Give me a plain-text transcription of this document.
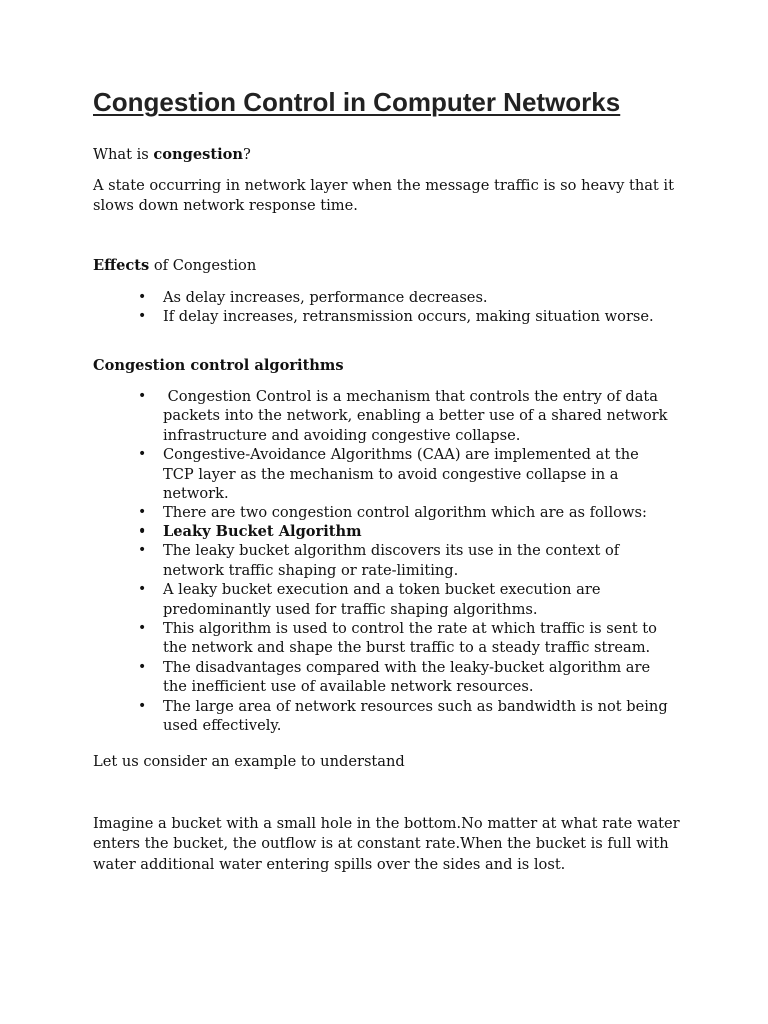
Congestion Control in Computer Networks

What is congestion?

A state occurring in network layer when the message traffic is so heavy that it slows down network response time.

Effects of Congestion

• As delay increases, performance decreases.
• If delay increases, retransmission occurs, making situation worse.

Congestion control algorithms

•  Congestion Control is a mechanism that controls the entry of data packets into the network, enabling a better use of a shared network infrastructure and avoiding congestive collapse.
• Congestive-Avoidance Algorithms (CAA) are implemented at the TCP layer as the mechanism to avoid congestive collapse in a network.
• There are two congestion control algorithm which are as follows:
•
• Leaky Bucket Algorithm
• The leaky bucket algorithm discovers its use in the context of network traffic shaping or rate-limiting.
• A leaky bucket execution and a token bucket execution are predominantly used for traffic shaping algorithms.
• This algorithm is used to control the rate at which traffic is sent to the network and shape the burst traffic to a steady traffic stream.
• The disadvantages compared with the leaky-bucket algorithm are the inefficient use of available network resources.
• The large area of network resources such as bandwidth is not being used effectively.

Let us consider an example to understand

Imagine a bucket with a small hole in the bottom.No matter at what rate water enters the bucket, the outflow is at constant rate.When the bucket is full with water additional water entering spills over the sides and is lost.
